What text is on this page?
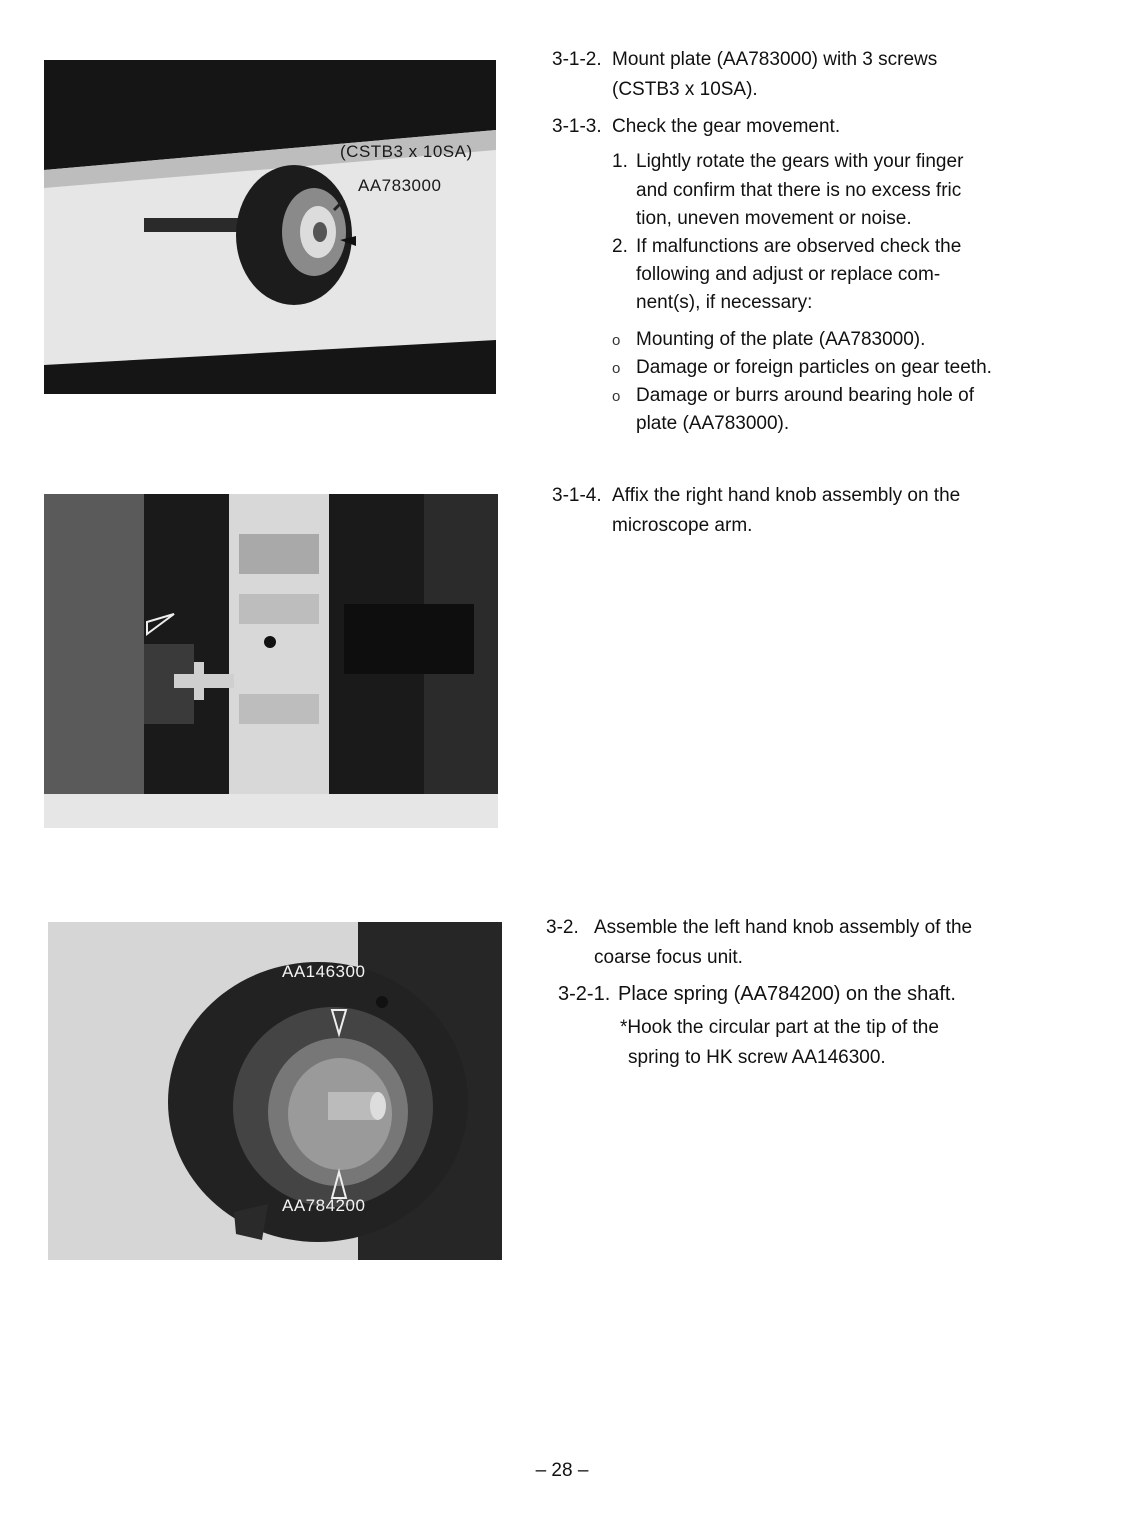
(CSTB3 x 10SA)
AA783000
AA146300
AA784200
3-1-2. Mount plate (AA783000) with 3 screws
(CSTB3 x 10SA).
3-1-3. Check the gear movement.
1. Lightly rotate the gears with your finger
and confirm that there is no excess fric
tion, uneven movement or noise.
2. If malfunctions are observed check the
following and adjust or replace com-
nent(s), if necessary:
o Mounting of the plate (AA783000).
o Damage or foreign particles on gear teeth.
o Damage or burrs around bearing hole of
plate (AA783000).
3-1-4. Affix the right hand knob assembly on the
microscope arm.
3-2. Assemble the left hand knob assembly of the
coarse focus unit.
3-2-1. Place spring (AA784200) on the shaft.
*Hook the circular part at the tip of the
spring to HK screw AA146300.
– 28 –
